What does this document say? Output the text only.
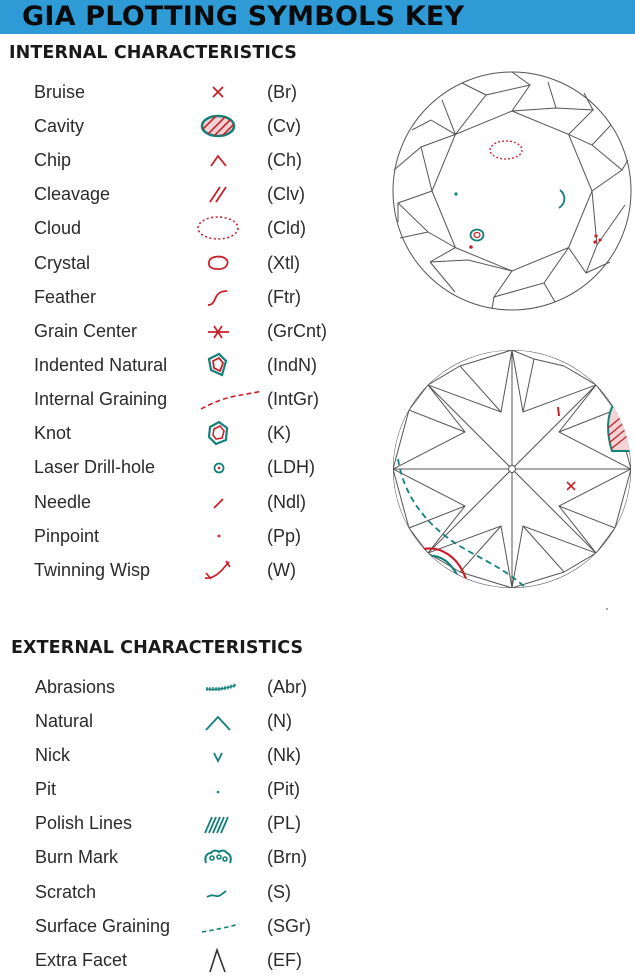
GIA PLOTTING SYMBOLS KEY
INTERNAL CHARACTERISTICS
Bruise	(Br)
Cavity	(Cv)
Chip	(Ch)
Cleavage	(Clv)
Cloud	(Cld)
Crystal	(Xtl)
Feather	(Ftr)
Grain Center	(GrCnt)
Indented Natural	(IndN)
Internal Graining	(IntGr)
Knot	(K)
Laser Drill-hole	(LDH)
Needle	(Ndl)
Pinpoint	(Pp)
Twinning Wisp	(W)
EXTERNAL CHARACTERISTICS
Abrasions	(Abr)
Natural	(N)
Nick	(Nk)
Pit	(Pit)
Polish Lines	(PL)
Burn Mark	(Brn)
Scratch	(S)
Surface Graining	(SGr)
Extra Facet	(EF)
